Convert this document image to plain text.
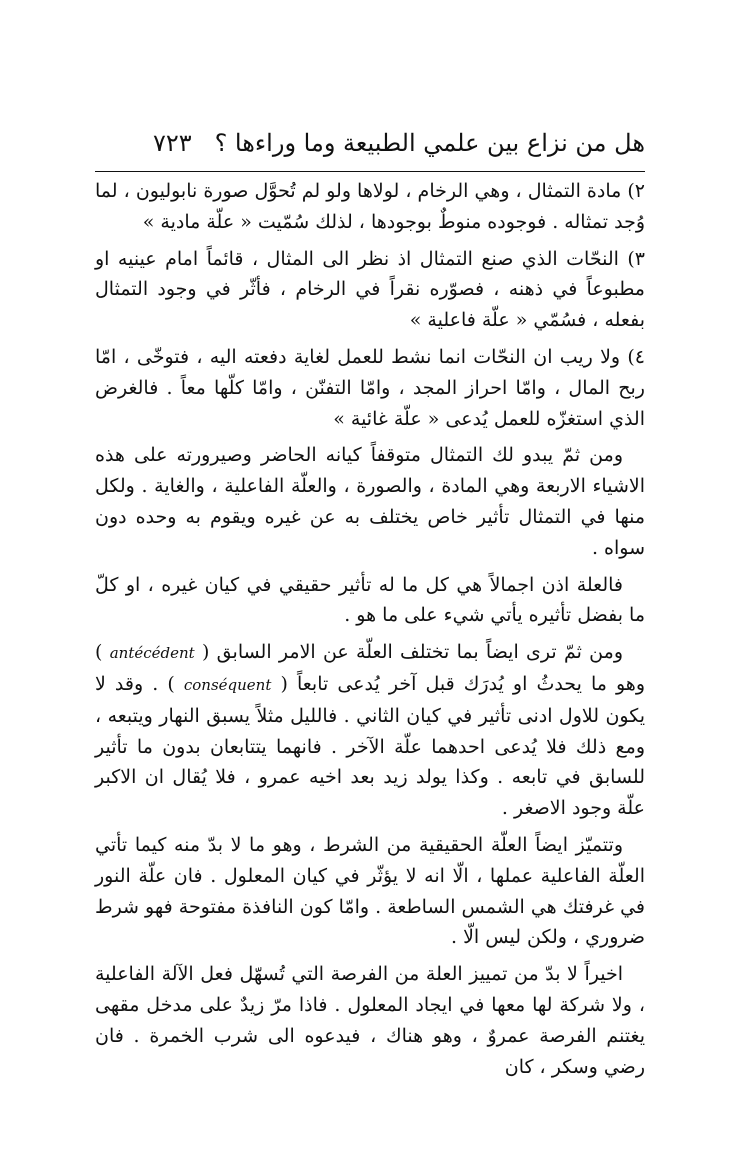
٧٢٣ هل من نزاع بين علمي الطبيعة وما وراءها ؟

٢) مادة التمثال ، وهي الرخام ، لولاها ولو لم تُحوَّل صورة نابوليون ، لما وُجد تمثاله . فوجوده منوطٌ بوجودها ، لذلك سُمّيت « علّة مادية »

٣) النحّات الذي صنع التمثال اذ نظر الى المثال ، قائماً امام عينيه او مطبوعاً في ذهنه ، فصوّره نقراً في الرخام ، فأثّر في وجود التمثال بفعله ، فسُمّي « علّة فاعلية »

٤) ولا ريب ان النحّات انما نشط للعمل لغاية دفعته اليه ، فتوخّى ، امّا ربح المال ، وامّا احراز المجد ، وامّا التفنّن ، وامّا كلّها معاً . فالغرض الذي استغزّه للعمل يُدعى « علّة غائية »

ومن ثمّ يبدو لك التمثال متوقفاً كيانه الحاضر وصيرورته على هذه الاشياء الاربعة وهي المادة ، والصورة ، والعلّة الفاعلية ، والغاية . ولكل منها في التمثال تأثير خاص يختلف به عن غيره ويقوم به وحده دون سواه .

فالعلة اذن اجمالاً هي كل ما له تأثير حقيقي في كيان غيره ، او كلّ ما بفضل تأثيره يأتي شيء على ما هو .

ومن ثمّ ترى ايضاً بما تختلف العلّة عن الامر السابق ( antécédent ) وهو ما يحدثُ او يُدرَك قبل آخر يُدعى تابعاً ( conséquent ) . وقد لا يكون للاول ادنى تأثير في كيان الثاني . فالليل مثلاً يسبق النهار ويتبعه ، ومع ذلك فلا يُدعى احدهما علّة الآخر . فانهما يتتابعان بدون ما تأثير للسابق في تابعه . وكذا يولد زيد بعد اخيه عمرو ، فلا يُقال ان الاكبر علّة وجود الاصغر .

وتتميّز ايضاً العلّة الحقيقية من الشرط ، وهو ما لا بدّ منه كيما تأتي العلّة الفاعلية عملها ، الّا انه لا يؤثّر في كيان المعلول . فان علّة النور في غرفتك هي الشمس الساطعة . وامّا كون النافذة مفتوحة فهو شرط ضروري ، ولكن ليس الّا .

اخيراً لا بدّ من تمييز العلة من الفرصة التي تُسهّل فعل الآلة الفاعلية ، ولا شركة لها معها في ايجاد المعلول . فاذا مرّ زيدٌ على مدخل مقهى يغتنم الفرصة عمروٌ ، وهو هناك ، فيدعوه الى شرب الخمرة . فان رضي وسكر ، كان
